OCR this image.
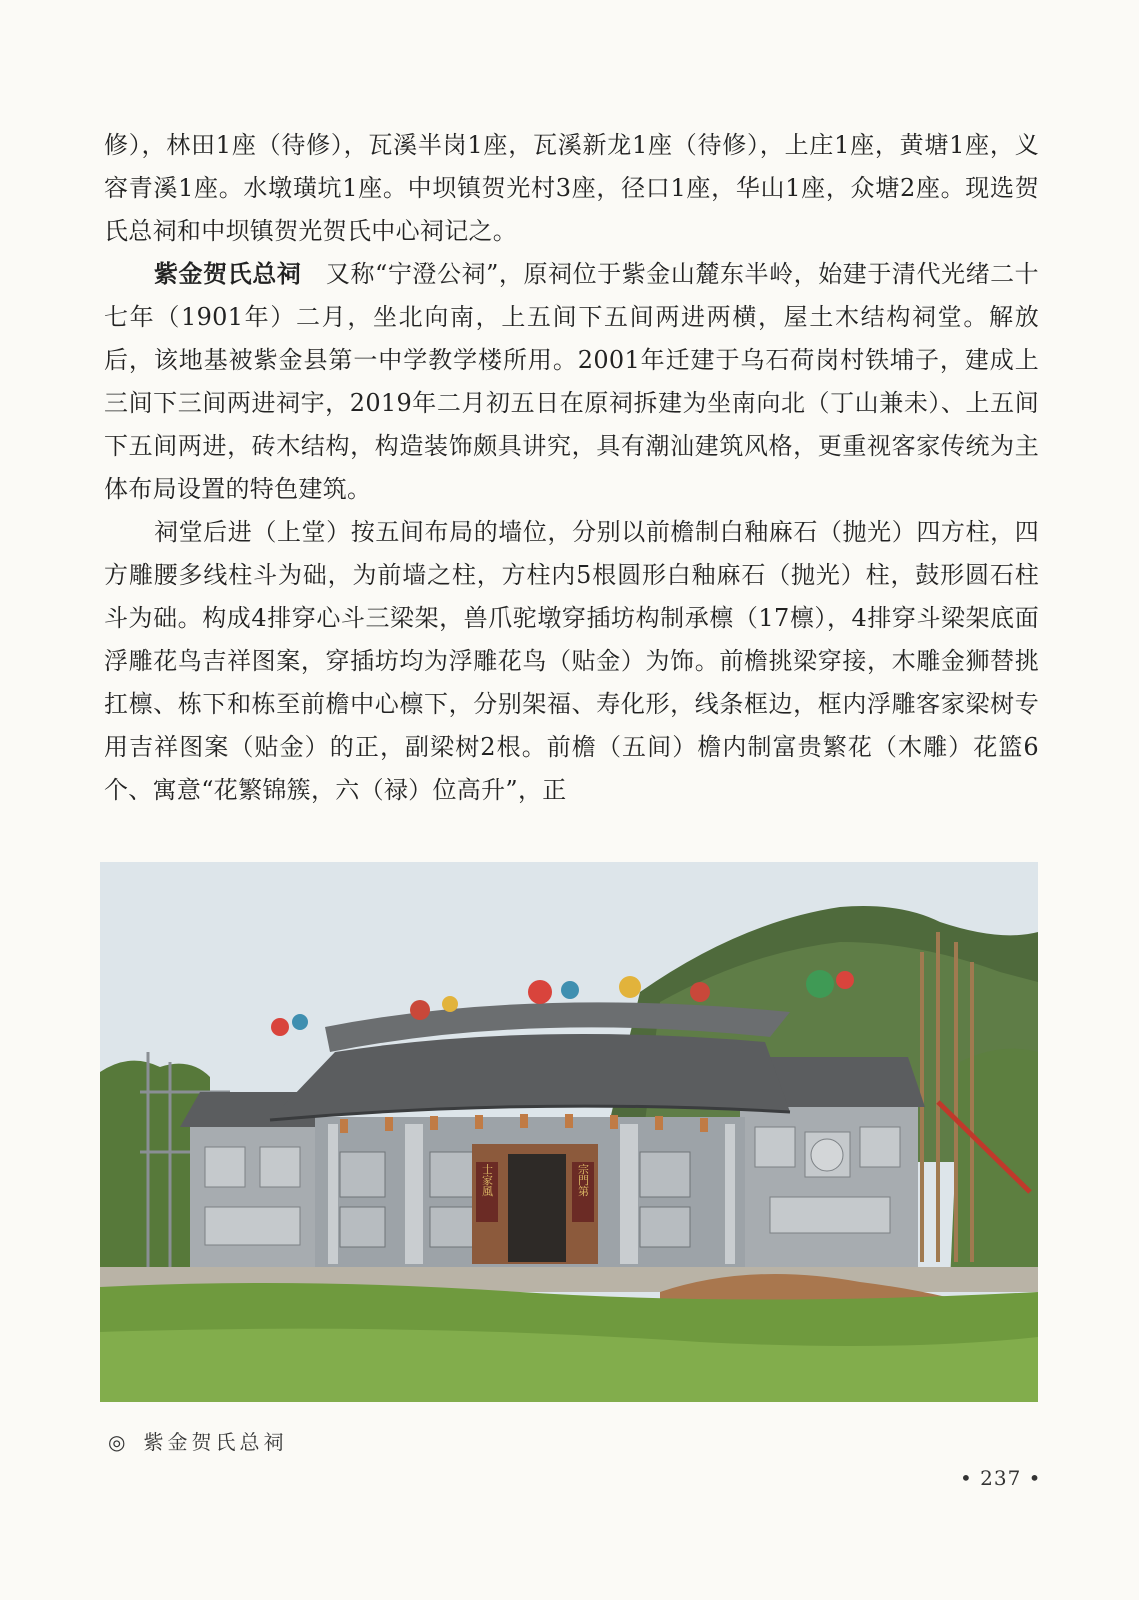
修），林田1座（待修），瓦溪半岗1座，瓦溪新龙1座（待修），上庄1座，黄塘1座，义容青溪1座。水墩璜坑1座。中坝镇贺光村3座，径口1座，华山1座，众塘2座。现选贺氏总祠和中坝镇贺光贺氏中心祠记之。

紫金贺氏总祠　又称“宁澄公祠”，原祠位于紫金山麓东半岭，始建于清代光绪二十七年（1901年）二月，坐北向南，上五间下五间两进两横，屋土木结构祠堂。解放后，该地基被紫金县第一中学教学楼所用。2001年迁建于乌石荷岗村铁埔子，建成上三间下三间两进祠宇，2019年二月初五日在原祠拆建为坐南向北（丁山兼未）、上五间下五间两进，砖木结构，构造装饰颇具讲究，具有潮汕建筑风格，更重视客家传统为主体布局设置的特色建筑。

祠堂后进（上堂）按五间布局的墙位，分别以前檐制白釉麻石（抛光）四方柱，四方雕腰多线柱斗为础，为前墙之柱，方柱内5根圆形白釉麻石（抛光）柱，鼓形圆石柱斗为础。构成4排穿心斗三梁架，兽爪驼墩穿插坊构制承檩（17檩），4排穿斗梁架底面浮雕花鸟吉祥图案，穿插坊均为浮雕花鸟（贴金）为饰。前檐挑梁穿接，木雕金狮替挑扛檩、栋下和栋至前檐中心檩下，分别架福、寿化形，线条框边，框内浮雕客家梁树专用吉祥图案（贴金）的正，副梁树2根。前檐（五间）檐内制富贵繁花（木雕）花篮6个、寓意“花繁锦簇，六（禄）位高升”，正

士家風	宗門第
◎ 紫金贺氏总祠
• 237 •
